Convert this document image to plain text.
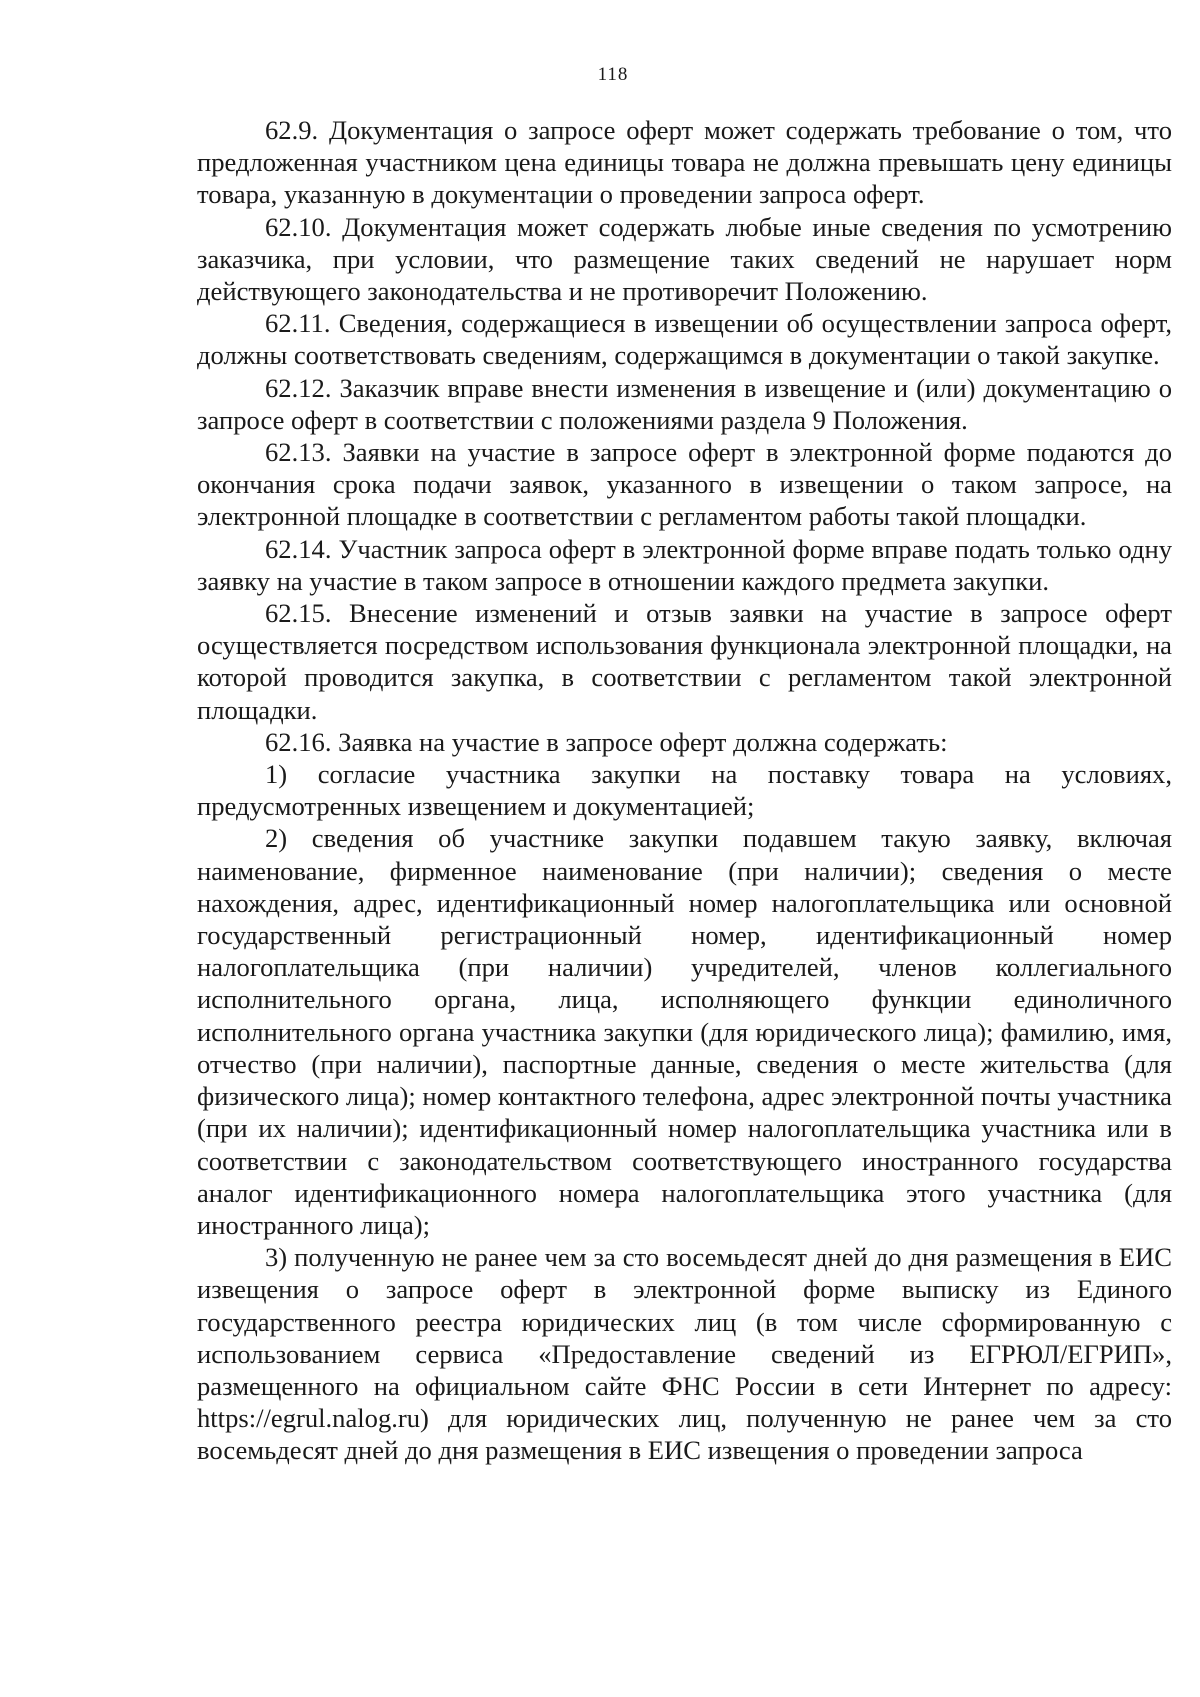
118

62.9. Документация о запросе оферт может содержать требование о том, что предложенная участником цена единицы товара не должна превышать цену единицы товара, указанную в документации о проведении запроса оферт.

62.10. Документация может содержать любые иные сведения по усмотрению заказчика, при условии, что размещение таких сведений не нарушает норм действующего законодательства и не противоречит Положению.

62.11. Сведения, содержащиеся в извещении об осуществлении запроса оферт, должны соответствовать сведениям, содержащимся в документации о такой закупке.

62.12. Заказчик вправе внести изменения в извещение и (или) документацию о запросе оферт в соответствии с положениями раздела 9 Положения.

62.13. Заявки на участие в запросе оферт в электронной форме подаются до окончания срока подачи заявок, указанного в извещении о таком запросе, на электронной площадке в соответствии с регламентом работы такой площадки.

62.14. Участник запроса оферт в электронной форме вправе подать только одну заявку на участие в таком запросе в отношении каждого предмета закупки.

62.15. Внесение изменений и отзыв заявки на участие в запросе оферт осуществляется посредством использования функционала электронной площадки, на которой проводится закупка, в соответствии с регламентом такой электронной площадки.

62.16. Заявка на участие в запросе оферт должна содержать:

1) согласие участника закупки на поставку товара на условиях, предусмотренных извещением и документацией;

2) сведения об участнике закупки подавшем такую заявку, включая наименование, фирменное наименование (при наличии); сведения о месте нахождения, адрес, идентификационный номер налогоплательщика или основной государственный регистрационный номер, идентификационный номер налогоплательщика (при наличии) учредителей, членов коллегиального исполнительного органа, лица, исполняющего функции единоличного исполнительного органа участника закупки (для юридического лица); фамилию, имя, отчество (при наличии), паспортные данные, сведения о месте жительства (для физического лица); номер контактного телефона, адрес электронной почты участника (при их наличии); идентификационный номер налогоплательщика участника или в соответствии с законодательством соответствующего иностранного государства аналог идентификационного номера налогоплательщика этого участника (для иностранного лица);

3) полученную не ранее чем за сто восемьдесят дней до дня размещения в ЕИС извещения о запросе оферт в электронной форме выписку из Единого государственного реестра юридических лиц (в том числе сформированную с использованием сервиса «Предоставление сведений из ЕГРЮЛ/ЕГРИП», размещенного на официальном сайте ФНС России в сети Интернет по адресу: https://egrul.nalog.ru) для юридических лиц, полученную не ранее чем за сто восемьдесят дней до дня размещения в ЕИС извещения о проведении запроса
